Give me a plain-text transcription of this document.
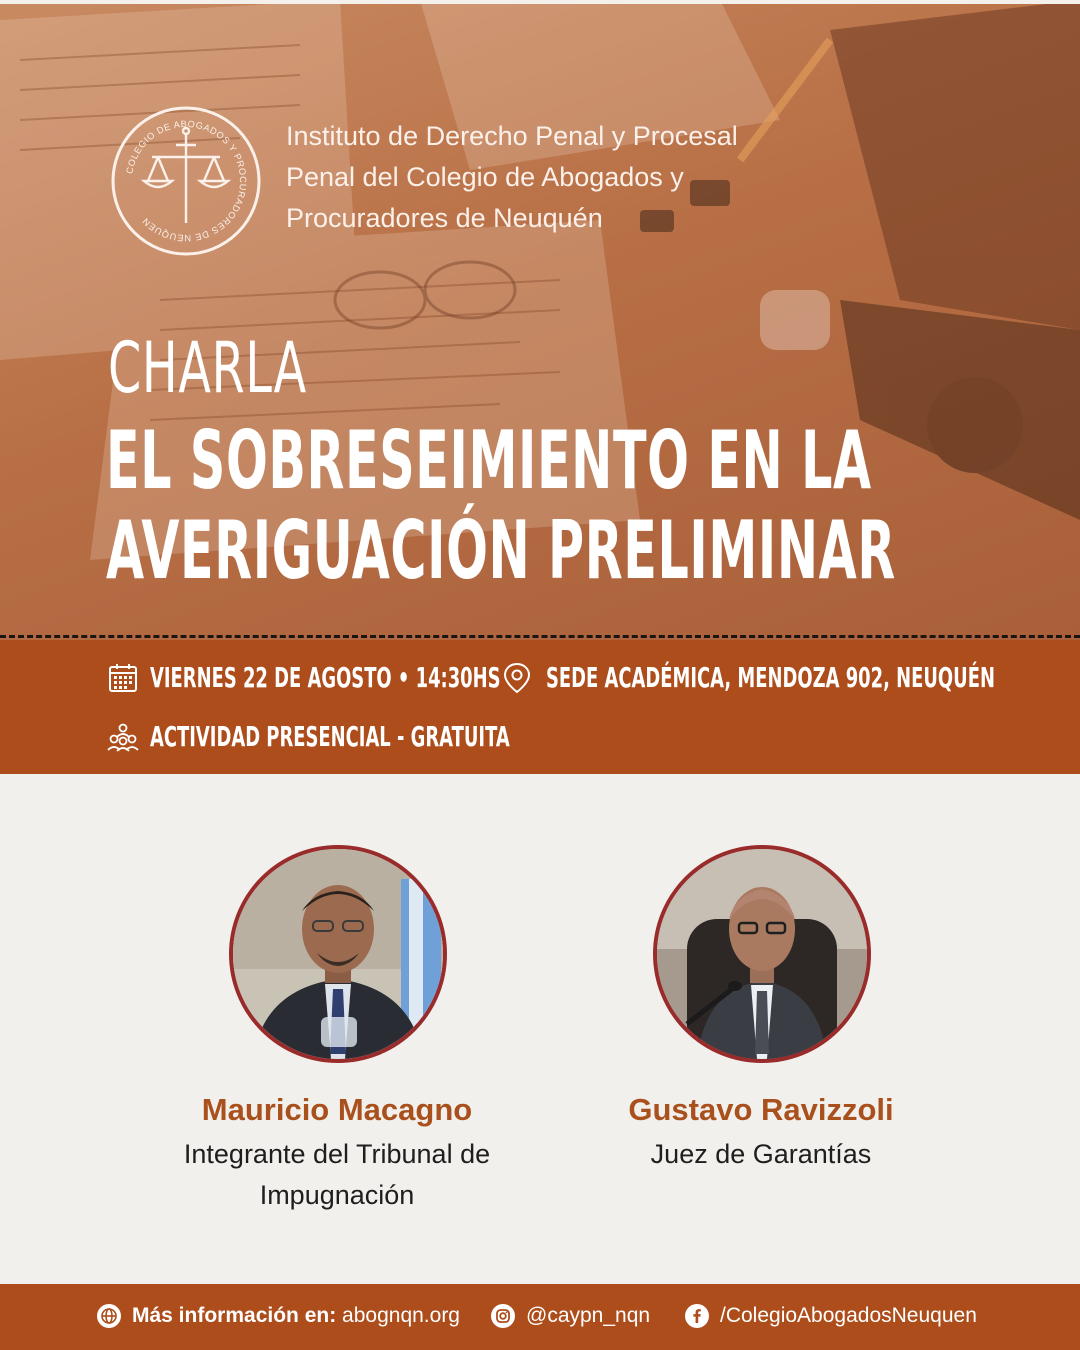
COLEGIO DE ABOGADOS Y PROCURADORES DE NEUQUEN
Instituto de Derecho Penal y Procesal
Penal del Colegio de Abogados y
Procuradores de Neuquén
CHARLA
EL SOBRESEIMIENTO EN LA
AVERIGUACIÓN PRELIMINAR
VIERNES 22 DE AGOSTO • 14:30HS SEDE ACADÉMICA, MENDOZA 902, NEUQUÉN
ACTIVIDAD PRESENCIAL - GRATUITA
Mauricio Macagno
Integrante del Tribunal de
Impugnación
Gustavo Ravizzoli
Juez de Garantías
Más información en: abognqn.org	@caypn_nqn	/ColegioAbogadosNeuquen
